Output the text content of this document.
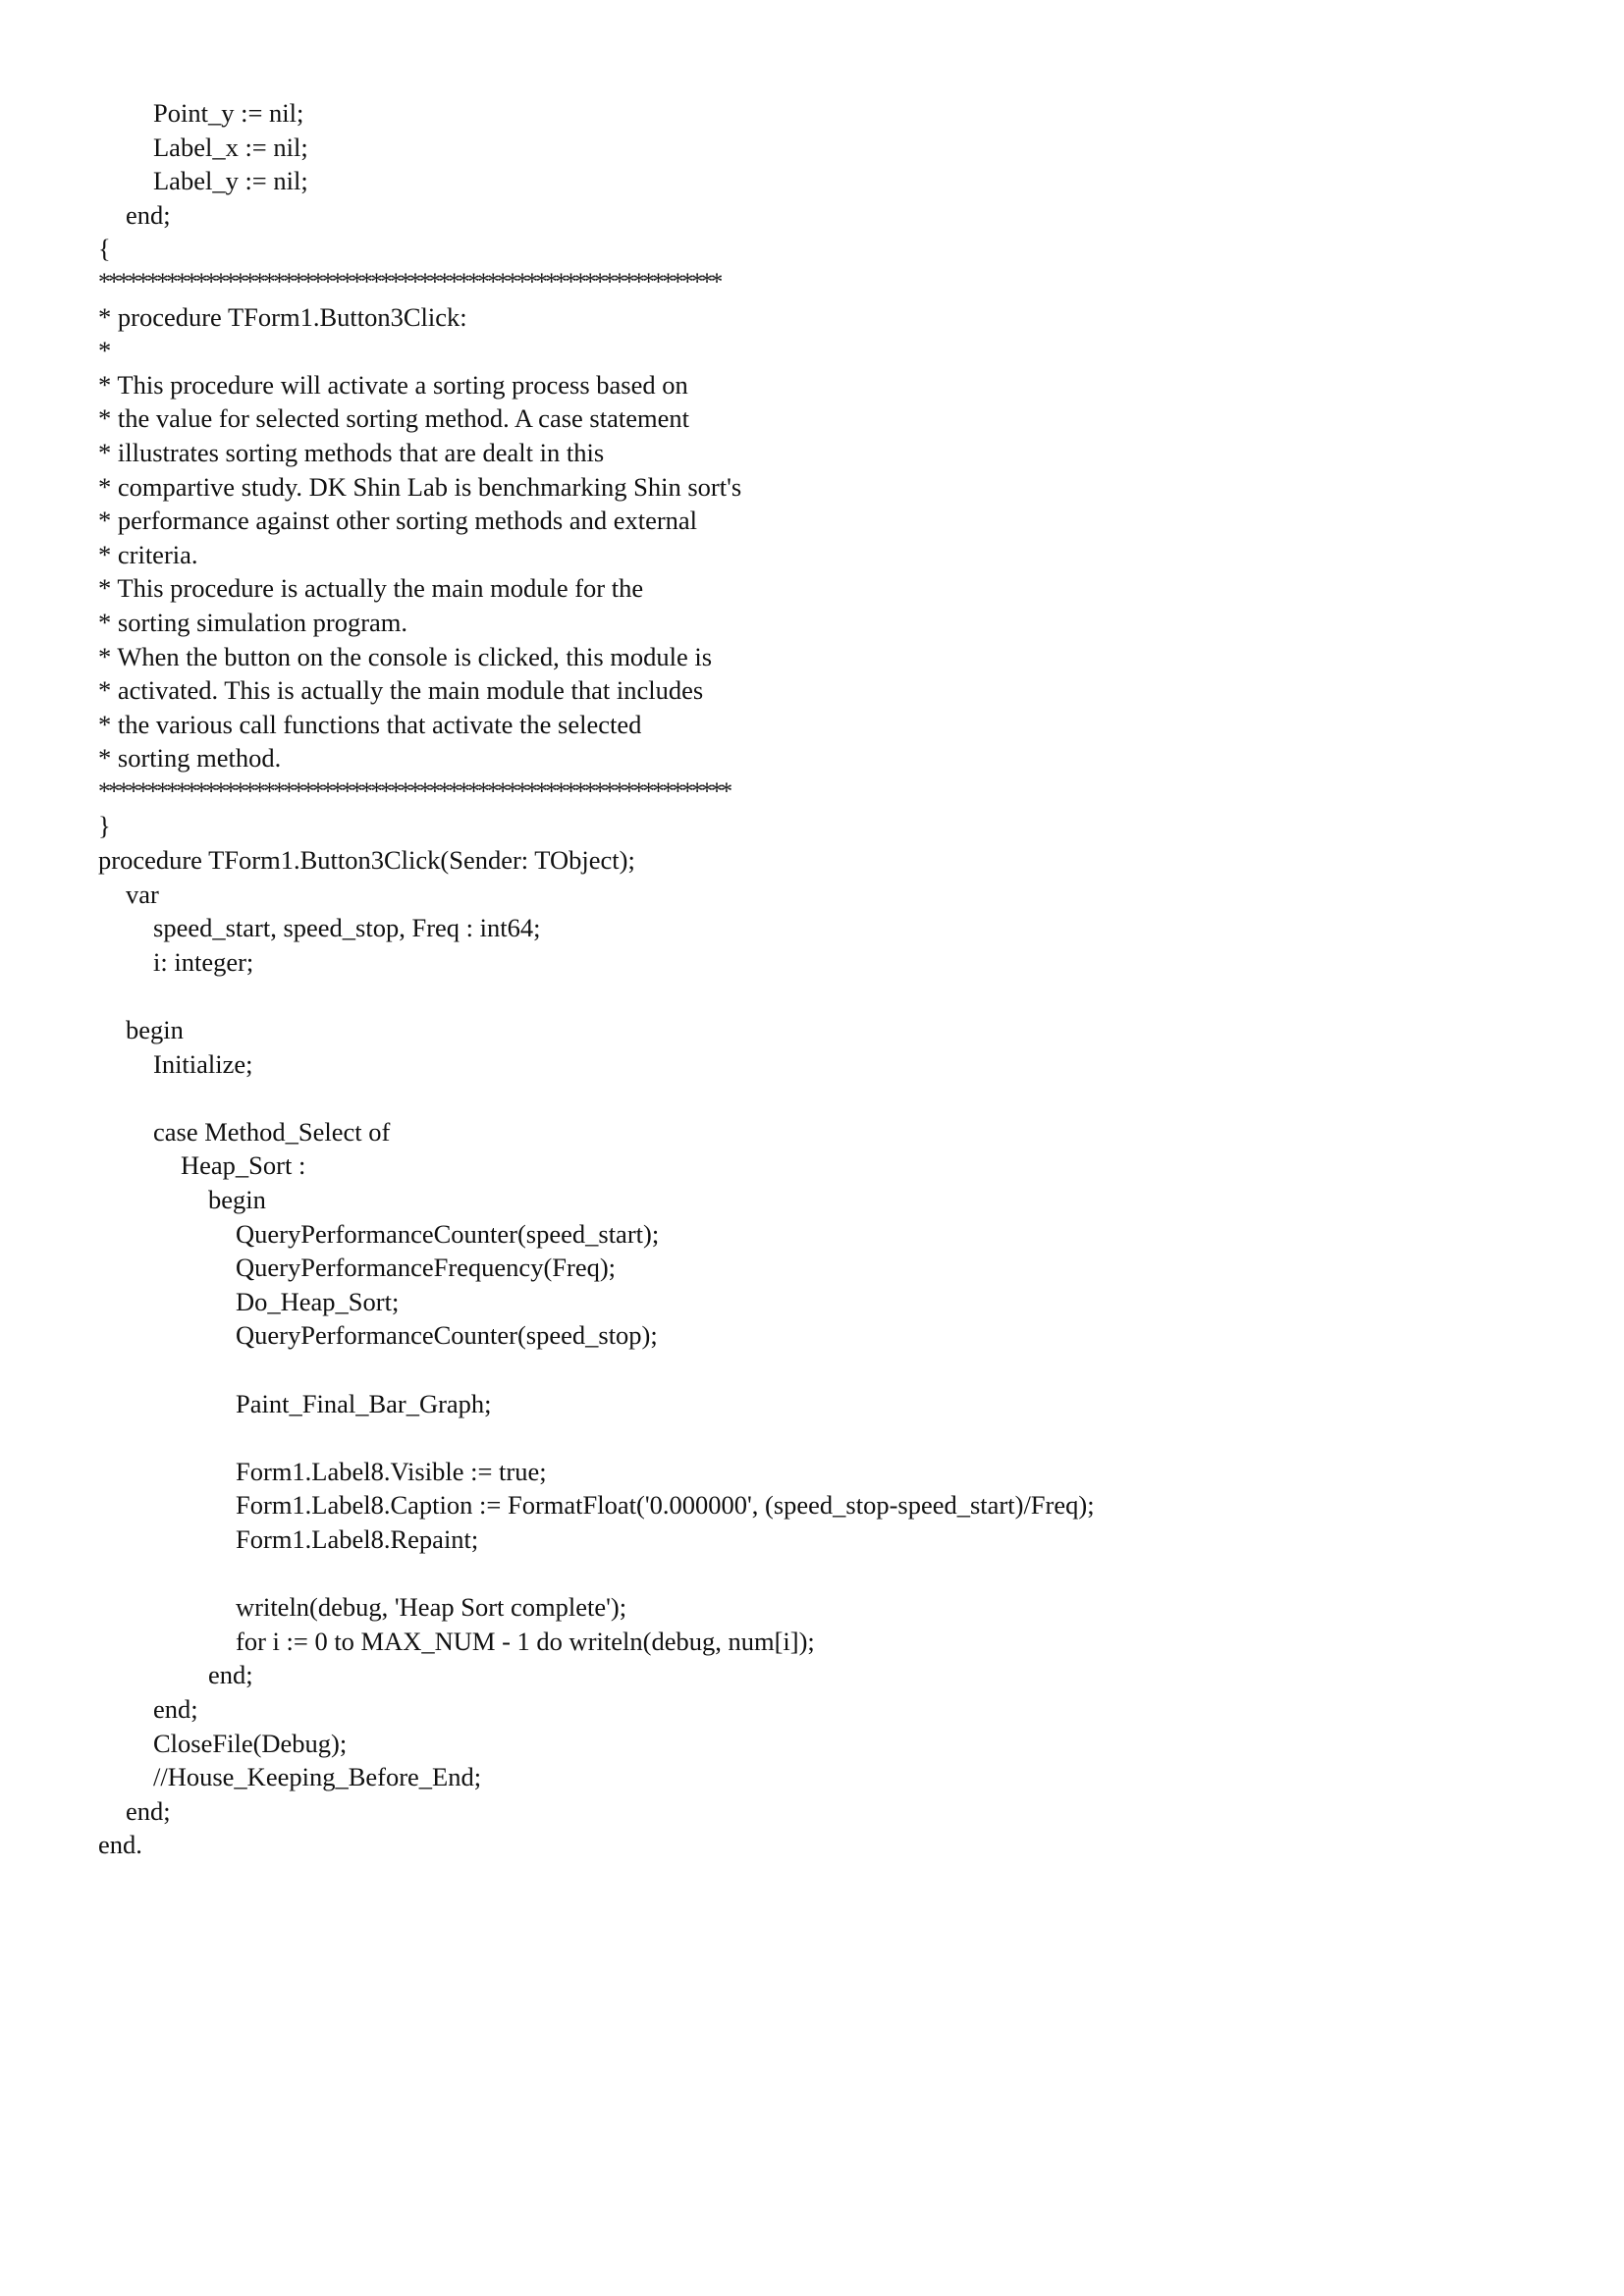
Point_y := nil;
Label_x := nil;
Label_y := nil;
end;
{
****************************************************************
* procedure TForm1.Button3Click:
*
* This procedure will activate a sorting process based on
* the value for selected sorting method. A case statement
* illustrates sorting methods that are dealt in this
* compartive study. DK Shin Lab is benchmarking Shin sort's
* performance against other sorting methods and external
* criteria.
* This procedure is actually the main module for the
* sorting simulation program.
* When the button on the console is clicked, this module is
* activated. This is actually the main module that includes
* the various call functions that activate the selected
* sorting method.
*****************************************************************
}
procedure TForm1.Button3Click(Sender: TObject);
var
speed_start, speed_stop, Freq : int64;
i: integer;
begin
Initialize;
case Method_Select of
Heap_Sort :
begin
QueryPerformanceCounter(speed_start);
QueryPerformanceFrequency(Freq);
Do_Heap_Sort;
QueryPerformanceCounter(speed_stop);
Paint_Final_Bar_Graph;
Form1.Label8.Visible := true;
Form1.Label8.Caption := FormatFloat('0.000000', (speed_stop-speed_start)/Freq);
Form1.Label8.Repaint;
writeln(debug, 'Heap Sort complete');
for i := 0 to MAX_NUM - 1 do writeln(debug, num[i]);
end;
end;
CloseFile(Debug);
//House_Keeping_Before_End;
end;
end.
